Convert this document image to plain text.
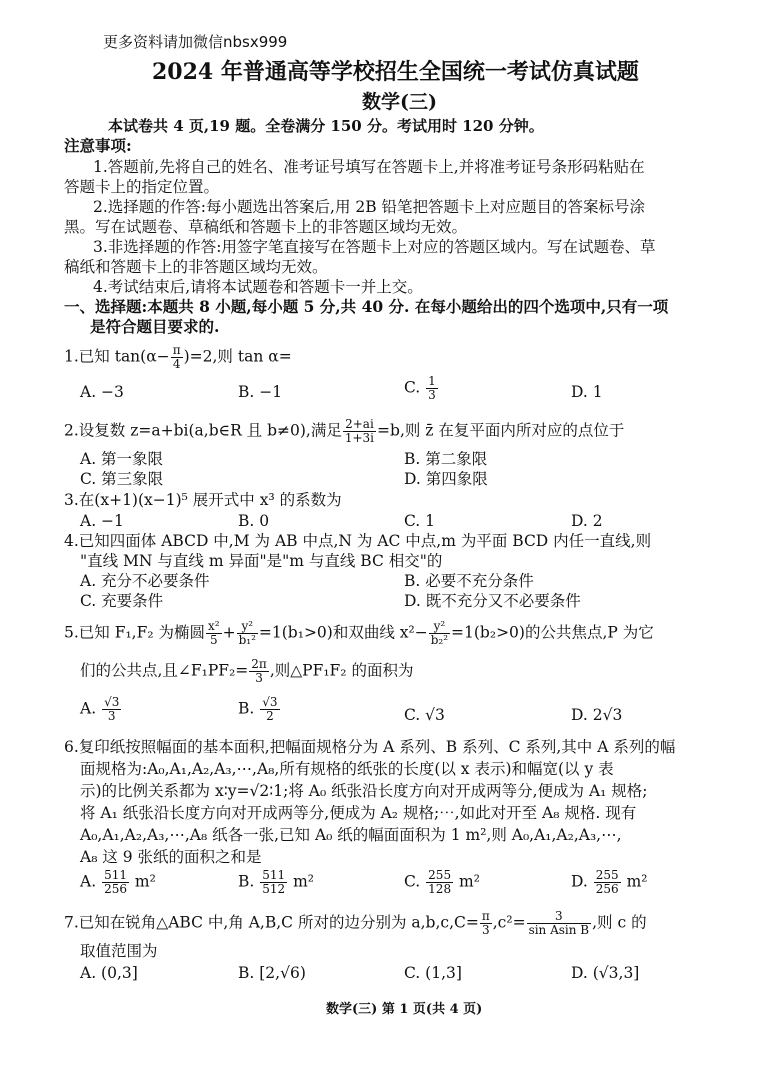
更多资料请加微信nbsx999
2024 年普通高等学校招生全国统一考试仿真试题
数学(三)
本试卷共 4 页,19 题。全卷满分 150 分。考试用时 120 分钟。
注意事项:
1.答题前,先将自己的姓名、准考证号填写在答题卡上,并将准考证号条形码粘贴在
答题卡上的指定位置。
2.选择题的作答:每小题选出答案后,用 2B 铅笔把答题卡上对应题目的答案标号涂
黑。写在试题卷、草稿纸和答题卡上的非答题区域均无效。
3.非选择题的作答:用签字笔直接写在答题卡上对应的答题区域内。写在试题卷、草
稿纸和答题卡上的非答题区域均无效。
4.考试结束后,请将本试题卷和答题卡一并上交。
一、选择题:本题共 8 小题,每小题 5 分,共 40 分. 在每小题给出的四个选项中,只有一项
是符合题目要求的.
1.已知 $\tan(\alpha- \frac{\pi}{4} )=2$,则 tan α=
A. −3	B. −1	C. $\frac{1}{3}$	D. 1
2.设复数 z=a+bi(a,b∈R 且 b≠0),满足 $\frac{2+ai}{1+3i} =b$,则 z̄ 在复平面内所对应的点位于
A. 第一象限	B. 第二象限
C. 第三象限	D. 第四象限
3.在(x+1)(x−1)⁵ 展开式中 x³ 的系数为
A. −1	B. 0	C. 1	D. 2
4.已知四面体 ABCD 中,M 为 AB 中点,N 为 AC 中点,m 为平面 BCD 内任一直线,则
"直线 MN 与直线 m 异面"是"m 与直线 BC 相交"的
A. 充分不必要条件	B. 必要不充分条件
C. 充要条件	D. 既不充分又不必要条件
5.已知 F₁,F₂ 为椭圆 $\frac{\text{x²}}{5} + \frac{\text{y²}}{\text{b₁²}} =1(b_1>0)$和双曲线 $x^2- \frac{\text{y²}}{\text{b₂²}} =1(b_2>0)$的公共焦点,P 为它
们的公共点,且∠F₁PF₂= $\frac{2\pi}{3}$ ,则△PF₁F₂ 的面积为
A. $\frac{√3}{3}$	B. $\frac{√3}{2}$	C. √3	D. 2√3
6.复印纸按照幅面的基本面积,把幅面规格分为 A 系列、B 系列、C 系列,其中 A 系列的幅
面规格为:A₀,A₁,A₂,A₃,⋯,A₈,所有规格的纸张的长度(以 x 表示)和幅宽(以 y 表
示)的比例关系都为 x∶y=√2∶1;将 A₀ 纸张沿长度方向对开成两等分,便成为 A₁ 规格;
将 A₁ 纸张沿长度方向对开成两等分,便成为 A₂ 规格;⋯,如此对开至 A₈ 规格. 现有
A₀,A₁,A₂,A₃,⋯,A₈ 纸各一张,已知 A₀ 纸的幅面面积为 1 m²,则 A₀,A₁,A₂,A₃,⋯,
A₈ 这 9 张纸的面积之和是
A. $\frac{511}{256} m^2$	B. $\frac{511}{512} m^2$	C. $\frac{255}{128} m^2$	D. $\frac{255}{256} m^2$
7.已知在锐角△ABC 中,角 A,B,C 所对的边分别为 $a,b,c,C= \frac{\pi}{3} ,c^2= \frac{3}{\text{sin Asin B}}$ ,则 c 的
取值范围为
A. (0,3]	B. [2,√6)	C. (1,3]	D. (√3,3]
数学(三) 第 1 页(共 4 页)
